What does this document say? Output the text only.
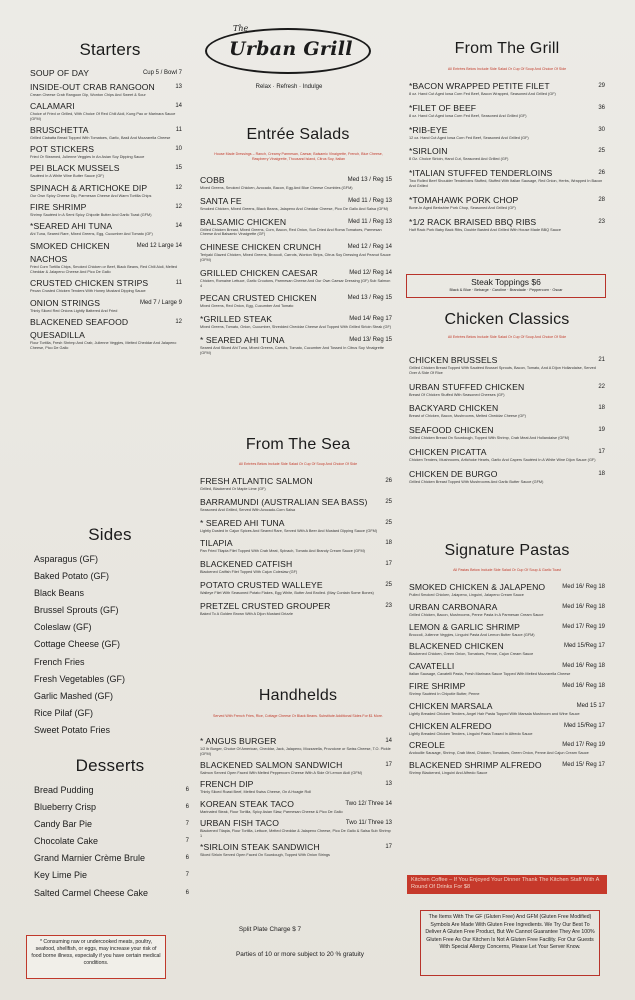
Starters
SOUP OF DAY	Cup 5 / Bowl 7
INSIDE-OUT CRAB RANGOON	13
Cream Cheese Crab Rangoon Dip, Wonton Chips And Sweet & Sour
CALAMARI	14
Choice of Fried or Grilled, With Choice Of Red Chili Aioli, Kung Pao or Marinara Sauce (GFM)
BRUSCHETTA	11
Grilled Ciabatta Bread Topped With Tomatoes, Garlic, Basil And Mozzarella Cheese
POT STICKERS	10
Fried Or Steamed, Julienne Veggies In An Asian Soy Dipping Sauce
PEI BLACK MUSSELS	15
Sautéed In A White Wine Butter Sauce (GF)
SPINACH & ARTICHOKE DIP	12
Our Own Spicy Cheese Dip, Parmesan Cheese And Warm Tortilla Chips
FIRE SHRIMP	12
Shrimp Sautéed In A Semi Spicy Chipotle Butter And Garlic Toast (GFM)
*SEARED AHI TUNA	14
Ahi Tuna, Seared Rare, Mixed Greens, Egg, Cucumber And Tomato (GF)
SMOKED CHICKEN	Med 12 Large 14
NACHOS
Fried Corn Tortilla Chips, Smoked Chicken or Beef, Black Beans, Red Chili Aioli, Melted Cheddar & Jalapeno Cheese And Pico De Gallo
CRUSTED CHICKEN STRIPS	11
Pecan Crusted Chicken Tenders With Honey Mustard Dipping Sauce
ONION STRINGS	Med 7 / Large 9
Thinly Sliced Red Onions Lightly Battered And Fried
BLACKENED SEAFOOD	12
QUESADILLA
Flour Tortilla, Fresh Shrimp And Crab, Julienne Veggies, Melted Cheddar And Jalapeno Cheese, Pico De Gallo
Sides
Asparagus (GF)
Baked Potato (GF)
Black Beans
Brussel Sprouts (GF)
Coleslaw (GF)
Cottage Cheese (GF)
French Fries
Fresh Vegetables (GF)
Garlic Mashed (GF)
Rice Pilaf (GF)
Sweet Potato Fries
Desserts
Bread Pudding	6
Blueberry Crisp	6
Candy Bar Pie	7
Chocolate Cake	7
Grand Marnier Crème Brule	6
Key Lime Pie	7
Salted Carmel Cheese Cake	6
* Consuming raw or undercooked meats, poultry, seafood, shellfish, or eggs, may increase your risk of food borne illness, especially if you have certain medical conditions.
The
Urban Grill
Relax · Refresh · Indulge
Entrée Salads
House Made Dressings – Ranch, Creamy Parmesan, Caesar, Balsamic Vinaigrette, French, Blue Cheese, Raspberry Vinaigrette, Thousand Island, Citrus Soy, Italian
COBB	Med 13 / Reg 15
Mixed Greens, Smoked Chicken, Avocado, Bacon, Egg And Blue Cheese Crumbles (GFM)
SANTA FE	Med 11 / Reg 13
Smoked Chicken, Mixed Greens, Black Beans, Jalapeno And Cheddar Cheese, Pico De Gallo And Salsa (GFM)
BALSAMIC CHICKEN	Med 11 / Reg 13
Grilled Chicken Breast, Mixed Greens, Corn, Bacon, Red Onion, Sun Dried And Roma Tomatoes, Parmesan Cheese And Balsamic Vinaigrette (GF)
CHINESE CHICKEN CRUNCH	Med 12 / Reg 14
Teriyaki Glazed Chicken, Mixed Greens, Broccoli, Carrots, Wonton Strips, Citrus Soy Dressing And Peanut Sauce (GFM)
GRILLED CHICKEN CAESAR	Med 12/ Reg 14
Chicken, Romaine Lettuce, Garlic Croutons, Parmesan Cheese And Our Own Caesar Dressing (GF) Sub Salmon 4
PECAN CRUSTED CHICKEN	Med 13 / Reg 15
Mixed Greens, Red Onion, Egg, Cucumber And Tomato
*GRILLED STEAK	Med 14/ Reg 17
Mixed Greens, Tomato, Onion, Cucumber, Shredded Cheddar Cheese And Topped With Grilled Sirloin Steak (GF)
* SEARED AHI TUNA	Med 13/ Reg 15
Seared And Sliced Ahi Tuna, Mixed Greens, Carrots, Tomato, Cucumber And Tossed In Citrus Soy Vinaigrette (GFM)
From The Sea
All Entrées Below Include Side Salad Or Cup Of Soup And Choice Of Side
FRESH ATLANTIC SALMON	26
Grilled, Blackened Or Maple Lime (GF)
BARRAMUNDI (AUSTRALIAN SEA BASS)	25
Seasoned And Grilled, Served With Avocado-Corn Salsa
* SEARED AHI TUNA	25
Lightly Dusted In Cajun Spices And Seared Rare, Served With A Beer And Mustard Dipping Sauce (GFM)
TILAPIA	18
Pan Fried Tilapia Filet Topped With Crab Meat, Spinach, Tomato And Brandy Cream Sauce (GFM)
BLACKENED CATFISH	17
Blackened Catfish Filet Topped With Cajun Coleslaw (GF)
POTATO CRUSTED WALLEYE	25
Walleye Filet With Seasoned Potato Flakes, Egg White, Butter And Broiled. (May Contain Some Bones)
PRETZEL CRUSTED GROUPER	23
Baked To A Golden Brown With A Dijon Mustard Drizzle
Handhelds
Served With French Fries, Rice, Cottage Cheese Or Black Beans. Substitute Additional Sides For $1 More.
* ANGUS BURGER	14
1/2 lb Burger, Choice Of American, Cheddar, Jack, Jalapeno, Mozzarella, Provolone or Swiss Cheese, T.O. Pickle (GFM)
BLACKENED SALMON SANDWICH	17
Salmon Served Open Faced With Melted Peppercorn Cheese With A Side Of Lemon Aioli (GFM)
FRENCH DIP	13
Thinly Sliced Roast Beef, Melted Swiss Cheese, On A Hoagie Roll
KOREAN STEAK TACO	Two 12/ Three 14
Marinated Steak, Flour Tortilla, Spicy Asian Slaw, Parmesan Cheese & Pico De Gallo
URBAN FISH TACO	Two 11/ Three 13
Blackened Tilapia, Flour Tortilla, Lettuce, Melted Cheddar & Jalapeno Cheese, Pico De Gallo & Salsa Sub Shrimp 1
*SIRLOIN STEAK SANDWICH	17
Sliced Sirloin Served Open Faced On Sourdough, Topped With Onion Strings
Split Plate Charge $ 7
Parties of 10 or more subject to 20 % gratuity
From The Grill
All Entrées Below Include Side Salad Or Cup Of Soup And Choice Of Side
*BACON WRAPPED PETITE FILET	29
8 oz. Hand Cut Aged Iowa Corn Fed Beef, Bacon Wrapped, Seasoned And Grilled (GF)
*FILET OF BEEF	36
8 oz. Hand Cut Aged Iowa Corn Fed Beef, Seasoned And Grilled (GF)
*RIB-EYE	30
12 oz. Hand Cut Aged Iowa Corn Fed Beef, Seasoned And Grilled (GF)
*SIRLOIN	25
8 Oz. Choice Sirloin, Hand Cut, Seasoned And Grilled (GF)
*ITALIAN STUFFED TENDERLOINS	26
Two Rolled Beef Shoulder Tenderloins Stuffed, Stuffed With Italian Sausage, Red Onion, Herbs, Wrapped In Bacon And Grilled
*TOMAHAWK PORK CHOP	28
Bone-In Aged Berkshire Pork Chop, Seasoned And Grilled (GF)
*1/2 RACK BRAISED BBQ RIBS	23
Half Rack Pork Baby Back Ribs, Double Basted And Grilled With House Made BBQ Sauce
Chicken Classics
All Entrées Below Include Side Salad Or Cup Of Soup And Choice Of Side
CHICKEN BRUSSELS	21
Grilled Chicken Breast Topped With Sautéed Brussel Sprouts, Bacon, Tomato, And A Dijon Hollandaise, Served Over A Side Of Rice
URBAN STUFFED CHICKEN	22
Breast Of Chicken Stuffed With Seasoned Cheeses (GF)
BACKYARD CHICKEN	18
Breast of Chicken, Bacon, Mushrooms, Melted Cheddar Cheese (GF)
SEAFOOD CHICKEN	19
Grilled Chicken Breast On Sourdough, Topped With Shrimp, Crab Meat And Hollandaise (GFM)
CHICKEN PICATTA	17
Chicken Tenders, Mushrooms, Artichoke Hearts, Garlic And Capers Sautéed In A White Wine Dijon Sauce (GF)
CHICKEN DE BURGO	18
Grilled Chicken Breast Topped With Mushrooms And Garlic Butter Sauce (GFM)
Signature Pastas
All Pastas Below Include Side Salad Or Cup Of Soup & Garlic Toast
SMOKED CHICKEN & JALAPENO	Med 16/ Reg 18
Pulled Smoked Chicken, Jalapeno, Linguini, Jalapeno Cream Sauce
URBAN CARBONARA	Med 16/ Reg 18
Grilled Chicken, Bacon, Mushrooms, Penne Pasta In A Parmesan Cream Sauce
LEMON & GARLIC SHRIMP	Med 17/ Reg 19
Broccoli, Julienne Veggies, Linguini Pasta And Lemon Butter Sauce (GFM)
BLACKENED CHICKEN	Med 15/Reg 17
Blackened Chicken, Green Onion, Tomatoes, Penne, Cajun Cream Sauce
CAVATELLI	Med 16/ Reg 18
Italian Sausage, Cavatelli Pasta, Fresh Marinara Sauce Topped With Melted Mozzarella Cheese
FIRE SHRIMP	Med 16/ Reg 18
Shrimp Sautéed In Chipotle Butter, Penne
CHICKEN MARSALA	Med 15 17
Lightly Breaded Chicken Tenders, Angel Hair Pasta Topped With Marsala Mushroom and Wine Sauce
CHICKEN ALFREDO	Med 15/Reg 17
Lightly Breaded Chicken Tenders, Linguini Pasta Tossed In Alfredo Sauce
CREOLE	Med 17/ Reg 19
Andouille Sausage, Shrimp, Crab Meat, Chicken, Tomatoes, Green Onion, Penne And Cajun Cream Sauce
BLACKENED SHRIMP ALFREDO	Med 15/ Reg 17
Shrimp Blackened, Linguini And Alfredo Sauce
Steak Toppings $6
Black & Blue · Bebarge · Caroline · Brandade · Peppercorn · Oscar
Kitchen Coffee – If You Enjoyed Your Dinner Thank The Kitchen Staff With A Round Of Drinks For $8
The Items With The GF (Gluten Free) And GFM (Gluten Free Modified) Symbols Are Made With Gluten Free Ingredients. We Try Our Best To Deliver A Gluten Free Product, But We Cannot Guarantee They Are 100% Gluten Free As Our Kitchen Is Not A Gluten Free Facility. For Our Guests With Special Allergy Concerns, Please Let Your Server Know.
